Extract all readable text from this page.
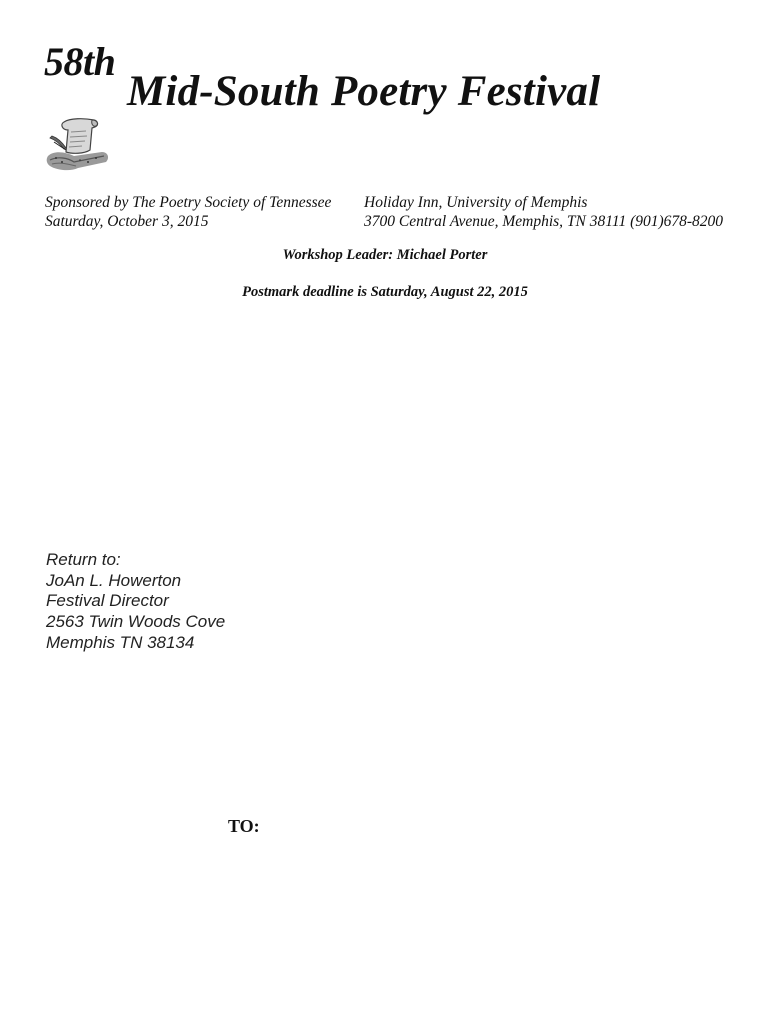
58th
Mid-South Poetry Festival
Sponsored by The Poetry Society of Tennessee
Saturday, October 3, 2015
Holiday Inn, University of Memphis
3700 Central Avenue, Memphis, TN 38111 (901)678-8200
Workshop Leader: Michael Porter
Postmark deadline is Saturday, August 22, 2015
Return to:
JoAn L. Howerton
Festival Director
2563 Twin Woods Cove
Memphis TN 38134
TO:
